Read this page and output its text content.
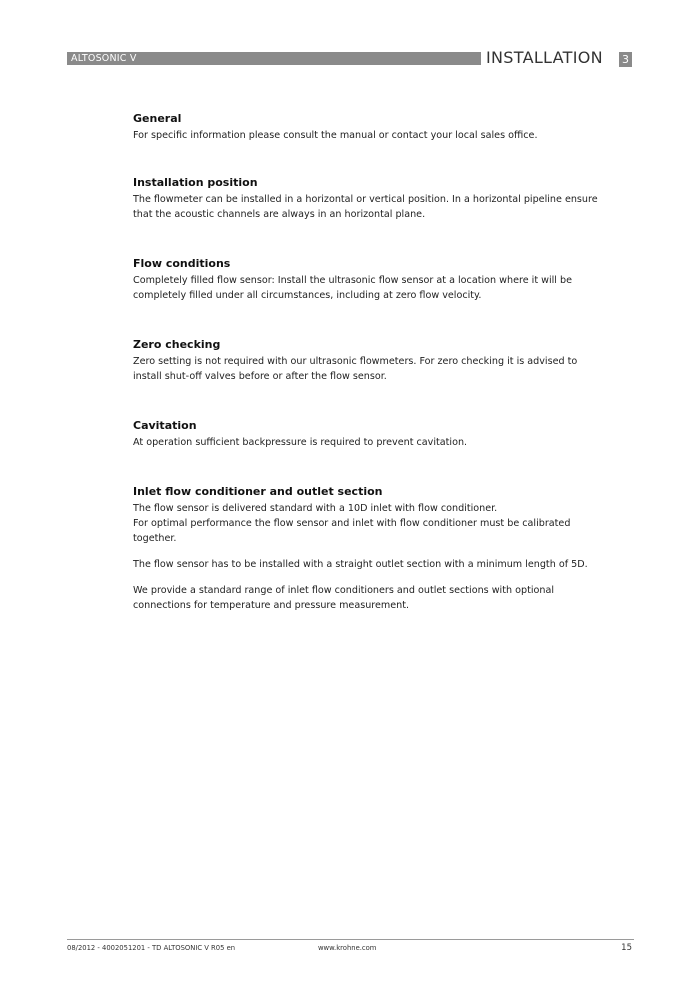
ALTOSONIC V	INSTALLATION 3
General

For specific information please consult the manual or contact your local sales office.

Installation position

The flowmeter can be installed in a horizontal or vertical position. In a horizontal pipeline ensure
that the acoustic channels are always in an horizontal plane.

Flow conditions

Completely filled flow sensor: Install the ultrasonic flow sensor at a location where it will be
completely filled under all circumstances, including at zero flow velocity.

Zero checking

Zero setting is not required with our ultrasonic flowmeters. For zero checking it is advised to
install shut-off valves before or after the flow sensor.

Cavitation

At operation sufficient backpressure is required to prevent cavitation.

Inlet flow conditioner and outlet section

The flow sensor is delivered standard with a 10D inlet with flow conditioner.
For optimal performance the flow sensor and inlet with flow conditioner must be calibrated
together.

The flow sensor has to be installed with a straight outlet section with a minimum length of 5D.

We provide a standard range of inlet flow conditioners and outlet sections with optional
connections for temperature and pressure measurement.

08/2012 - 4002051201 - TD ALTOSONIC V R05 en	www.krohne.com	15
